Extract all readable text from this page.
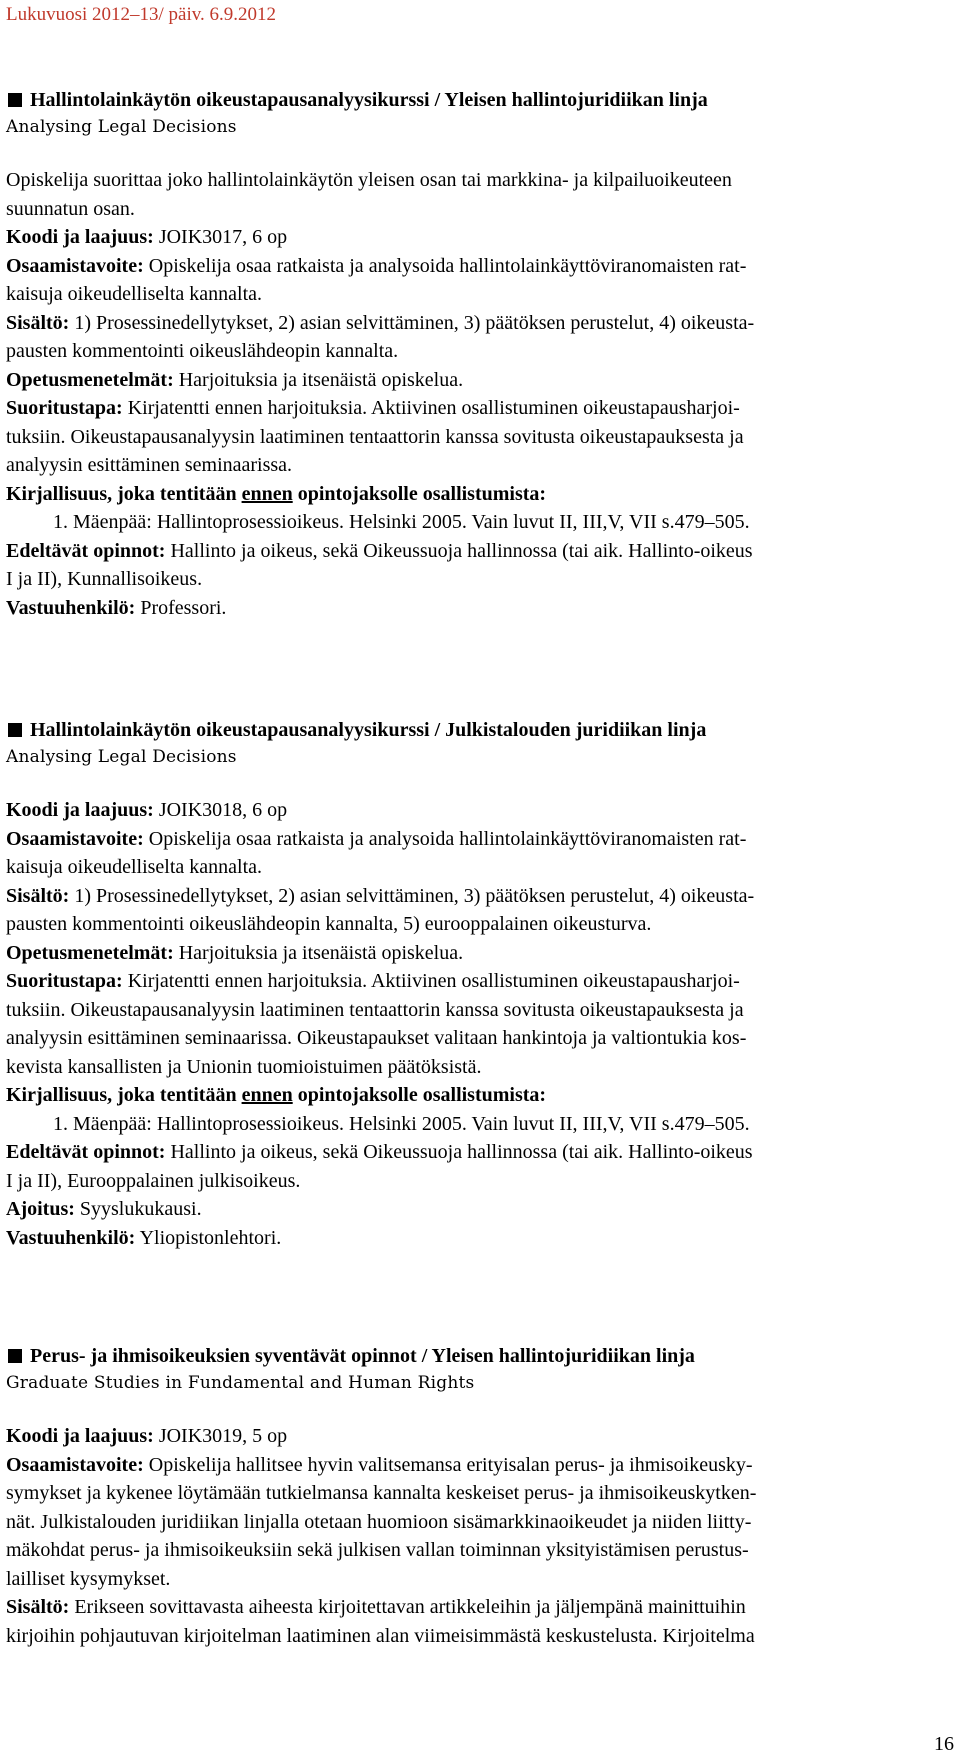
Lukuvuosi 2012–13/ päiv. 6.9.2012
Hallintolainkäytön oikeustapausanalyysikurssi / Yleisen hallintojuridiikan linja
Analysing Legal Decisions
Opiskelija suorittaa joko hallintolainkäytön yleisen osan tai markkina- ja kilpailuoikeuteen
suunnatun osan.
Koodi ja laajuus: JOIK3017, 6 op
Osaamistavoite: Opiskelija osaa ratkaista ja analysoida hallintolainkäyttöviranomaisten rat-
kaisuja oikeudelliselta kannalta.
Sisältö: 1) Prosessinedellytykset, 2) asian selvittäminen, 3) päätöksen perustelut, 4) oikeusta-
pausten kommentointi oikeuslähdeopin kannalta.
Opetusmenetelmät: Harjoituksia ja itsenäistä opiskelua.
Suoritustapa: Kirjatentti ennen harjoituksia. Aktiivinen osallistuminen oikeustapausharjoi-
tuksiin. Oikeustapausanalyysin laatiminen tentaattorin kanssa sovitusta oikeustapauksesta ja
analyysin esittäminen seminaarissa.
Kirjallisuus, joka tentitään ennen opintojaksolle osallistumista:
1. Mäenpää: Hallintoprosessioikeus. Helsinki 2005. Vain luvut II, III,V, VII s.479–505.
Edeltävät opinnot: Hallinto ja oikeus, sekä Oikeussuoja hallinnossa (tai aik. Hallinto-oikeus
I ja II), Kunnallisoikeus.
Vastuuhenkilö: Professori.
Hallintolainkäytön oikeustapausanalyysikurssi / Julkistalouden juridiikan linja
Analysing Legal Decisions
Koodi ja laajuus: JOIK3018, 6 op
Osaamistavoite: Opiskelija osaa ratkaista ja analysoida hallintolainkäyttöviranomaisten rat-
kaisuja oikeudelliselta kannalta.
Sisältö: 1) Prosessinedellytykset, 2) asian selvittäminen, 3) päätöksen perustelut, 4) oikeusta-
pausten kommentointi oikeuslähdeopin kannalta, 5) eurooppalainen oikeusturva.
Opetusmenetelmät: Harjoituksia ja itsenäistä opiskelua.
Suoritustapa: Kirjatentti ennen harjoituksia. Aktiivinen osallistuminen oikeustapausharjoi-
tuksiin. Oikeustapausanalyysin laatiminen tentaattorin kanssa sovitusta oikeustapauksesta ja
analyysin esittäminen seminaarissa. Oikeustapaukset valitaan hankintoja ja valtiontukia kos-
kevista kansallisten ja Unionin tuomioistuimen päätöksistä.
Kirjallisuus, joka tentitään ennen opintojaksolle osallistumista:
1. Mäenpää: Hallintoprosessioikeus. Helsinki 2005. Vain luvut II, III,V, VII s.479–505.
Edeltävät opinnot: Hallinto ja oikeus, sekä Oikeussuoja hallinnossa (tai aik. Hallinto-oikeus
I ja II), Eurooppalainen julkisoikeus.
Ajoitus: Syyslukukausi.
Vastuuhenkilö: Yliopistonlehtori.
Perus- ja ihmisoikeuksien syventävät opinnot / Yleisen hallintojuridiikan linja
Graduate Studies in Fundamental and Human Rights
Koodi ja laajuus: JOIK3019, 5 op
Osaamistavoite: Opiskelija hallitsee hyvin valitsemansa erityisalan perus- ja ihmisoikeusky-
symykset ja kykenee löytämään tutkielmansa kannalta keskeiset perus- ja ihmisoikeuskytken-
nät. Julkistalouden juridiikan linjalla otetaan huomioon sisämarkkinaoikeudet ja niiden liitty-
mäkohdat perus- ja ihmisoikeuksiin sekä julkisen vallan toiminnan yksityistämisen perustus-
lailliset kysymykset.
Sisältö: Erikseen sovittavasta aiheesta kirjoitettavan artikkeleihin ja jäljempänä mainittuihin
kirjoihin pohjautuvan kirjoitelman laatiminen alan viimeisimmästä keskustelusta. Kirjoitelma
16
